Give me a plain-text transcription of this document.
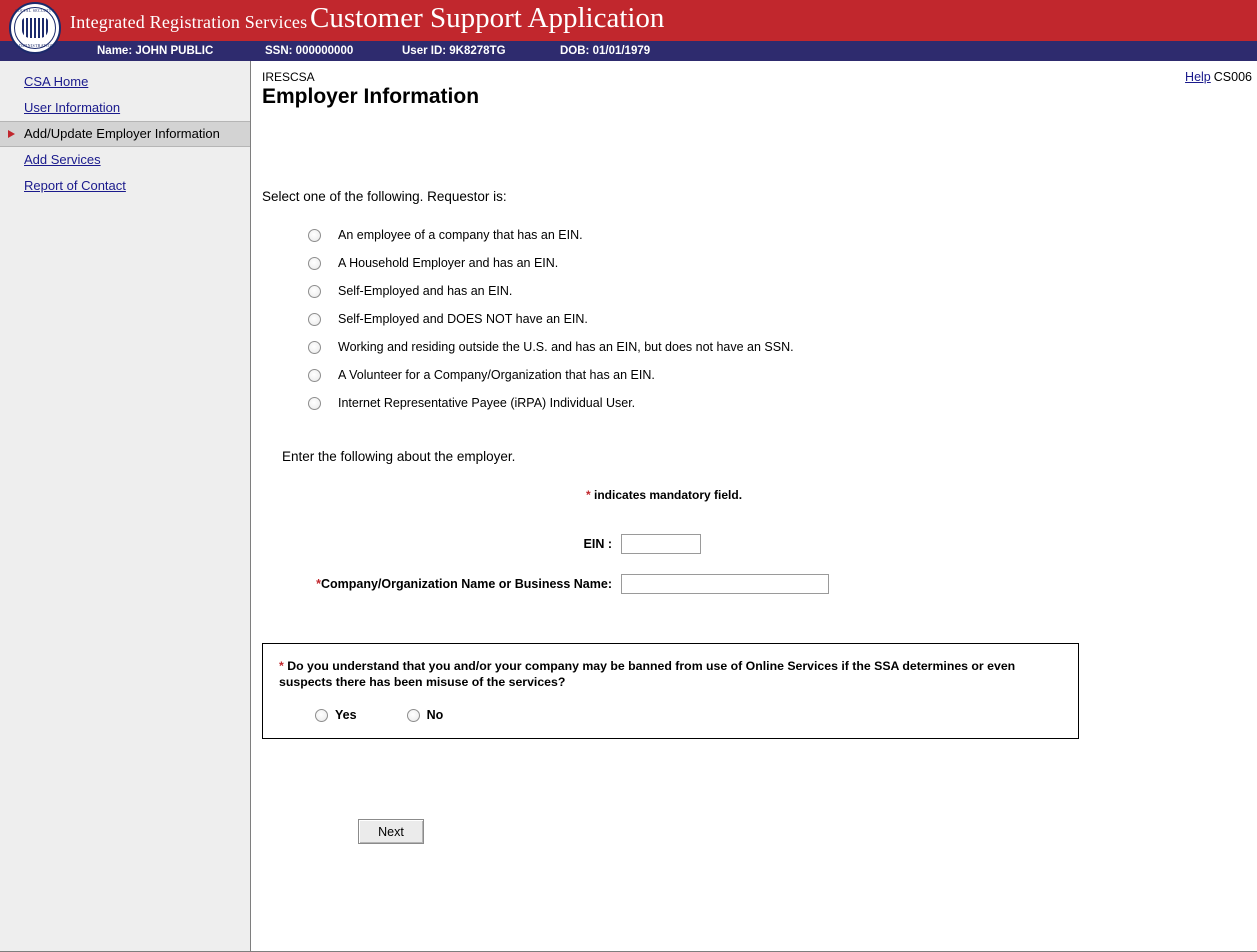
SOCIAL SECURITY
ADMINISTRATION
Integrated Registration Services Customer Support Application
Name: JOHN PUBLIC	SSN: 000000000	User ID: 9K8278TG	DOB: 01/01/1979
CSA Home
User Information
Add/Update Employer Information
Add Services
Report of Contact
IRESCSA	Help CS006
Employer Information
Select one of the following. Requestor is:
An employee of a company that has an EIN.
A Household Employer and has an EIN.
Self-Employed and has an EIN.
Self-Employed and DOES NOT have an EIN.
Working and residing outside the U.S. and has an EIN, but does not have an SSN.
A Volunteer for a Company/Organization that has an EIN.
Internet Representative Payee (iRPA) Individual User.
Enter the following about the employer.
* indicates mandatory field.
EIN :
*Company/Organization Name or Business Name:
* Do you understand that you and/or your company may be banned from use of Online Services if the SSA determines or even suspects there has been misuse of the services?
Yes	No
Next
